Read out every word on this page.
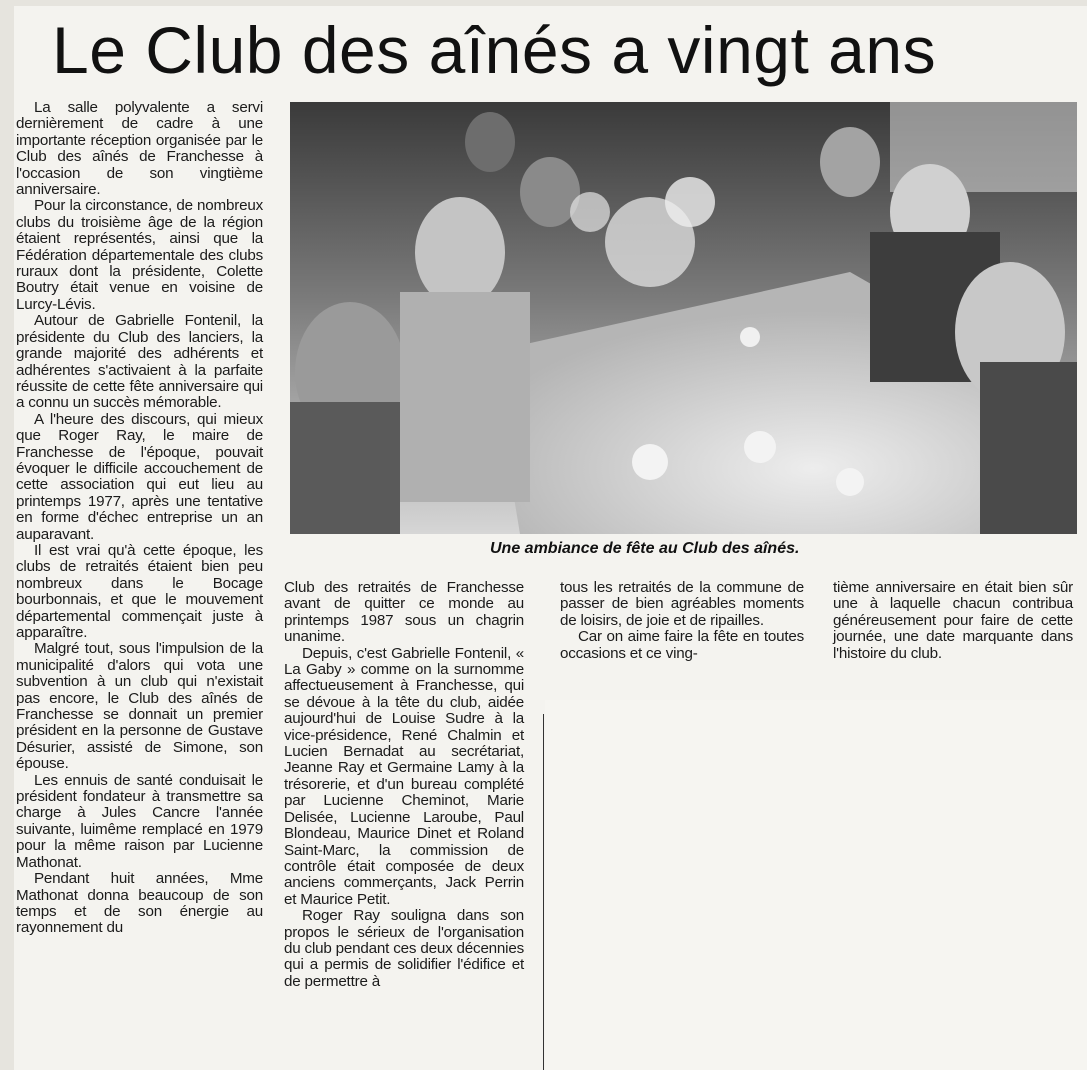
Le Club des aînés a vingt ans

La salle polyvalente a servi dernièrement de cadre à une importante réception organisée par le Club des aînés de Franchesse à l'occasion de son vingtième anniversaire.

Pour la circonstance, de nombreux clubs du troisième âge de la région étaient représentés, ainsi que la Fédération départementale des clubs ruraux dont la présidente, Colette Boutry était venue en voisine de Lurcy-Lévis.

Autour de Gabrielle Fontenil, la présidente du Club des lanciers, la grande majorité des adhérents et adhérentes s'activaient à la parfaite réussite de cette fête anniversaire qui a connu un succès mémorable.

A l'heure des discours, qui mieux que Roger Ray, le maire de Franchesse de l'époque, pouvait évoquer le difficile accouchement de cette association qui eut lieu au printemps 1977, après une tentative en forme d'échec entreprise un an auparavant.

Il est vrai qu'à cette époque, les clubs de retraités étaient bien peu nombreux dans le Bocage bourbonnais, et que le mouvement départemental commençait juste à apparaître.

Malgré tout, sous l'impulsion de la municipalité d'alors qui vota une subvention à un club qui n'existait pas encore, le Club des aînés de Franchesse se donnait un premier président en la personne de Gustave Désurier, assisté de Simone, son épouse.

Les ennuis de santé conduisait le président fondateur à transmettre sa charge à Jules Cancre l'année suivante, luimême remplacé en 1979 pour la même raison par Lucienne Mathonat.

Pendant huit années, Mme Mathonat donna beaucoup de son temps et de son énergie au rayonnement du

Une ambiance de fête au Club des aînés.

Club des retraités de Franchesse avant de quitter ce monde au printemps 1987 sous un chagrin unanime.

Depuis, c'est Gabrielle Fontenil, « La Gaby » comme on la surnomme affectueusement à Franchesse, qui se dévoue à la tête du club, aidée aujourd'hui de Louise Sudre à la vice-présidence, René Chalmin et Lucien Bernadat au secrétariat, Jeanne Ray et Germaine Lamy à la trésorerie, et d'un bureau complété par Lucienne Cheminot, Marie Delisée, Lucienne Laroube, Paul Blondeau, Maurice Dinet et Roland Saint-Marc, la commission de contrôle était composée de deux anciens commerçants, Jack Perrin et Maurice Petit.

Roger Ray souligna dans son propos le sérieux de l'organisation du club pendant ces deux décennies qui a permis de solidifier l'édifice et de permettre à

tous les retraités de la commune de passer de bien agréables moments de loisirs, de joie et de ripailles.

Car on aime faire la fête en toutes occasions et ce ving-

tième anniversaire en était bien sûr une à laquelle chacun contribua généreusement pour faire de cette journée, une date marquante dans l'histoire du club.
